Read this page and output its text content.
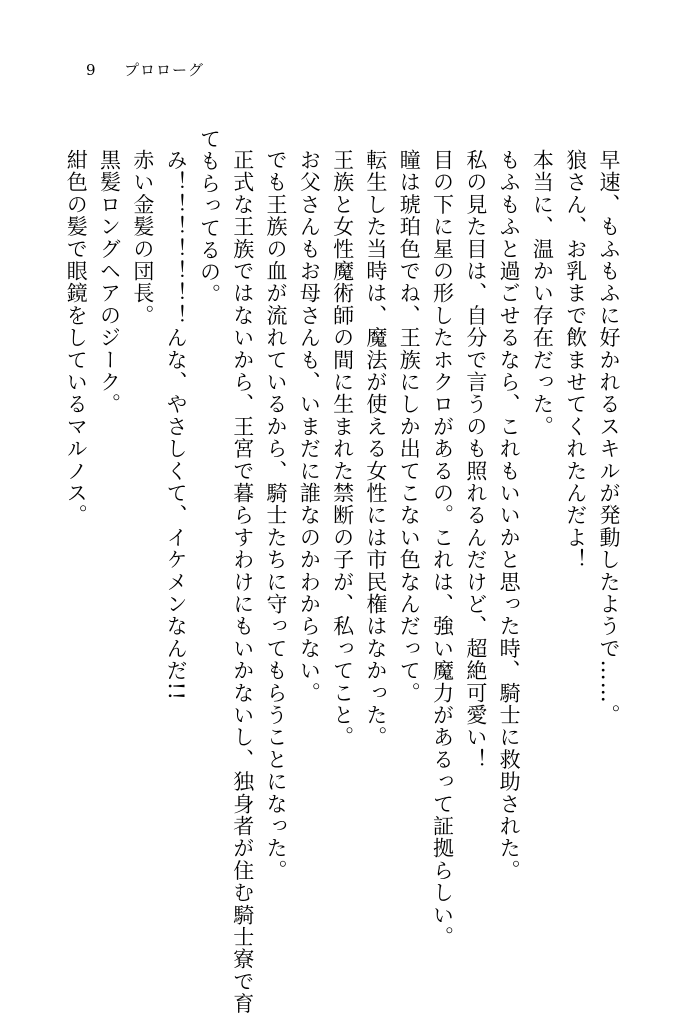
9	プロローグ

早速、もふもふに好かれるスキルが発動したようで……。

狼さん、お乳まで飲ませてくれたんだよ！

本当に、温かい存在だった。

もふもふと過ごせるなら、これもいいかと思った時、騎士に救助された。

私の見た目は、自分で言うのも照れるんだけど、超絶可愛い！

目の下に星の形したホクロがあるの。これは、強い魔力があるって証拠らしい。

瞳は琥珀色でね、王族にしか出てこない色なんだって。

転生した当時は、魔法が使える女性には市民権はなかった。

王族と女性魔術師の間に生まれた禁断の子が、私ってこと。

お父さんもお母さんも、いまだに誰なのかわからない。

でも王族の血が流れているから、騎士たちに守ってもらうことになった。

正式な王族ではないから、王宮で暮らすわけにもいかないし、独身者が住む騎士寮で育

てもらってるの。

み！！！！！！！んな、やさしくて、イケメンなんだ!!

赤い金髪の団長。

黒髪ロングヘアのジーク。

紺色の髪で眼鏡をしているマルノス。
